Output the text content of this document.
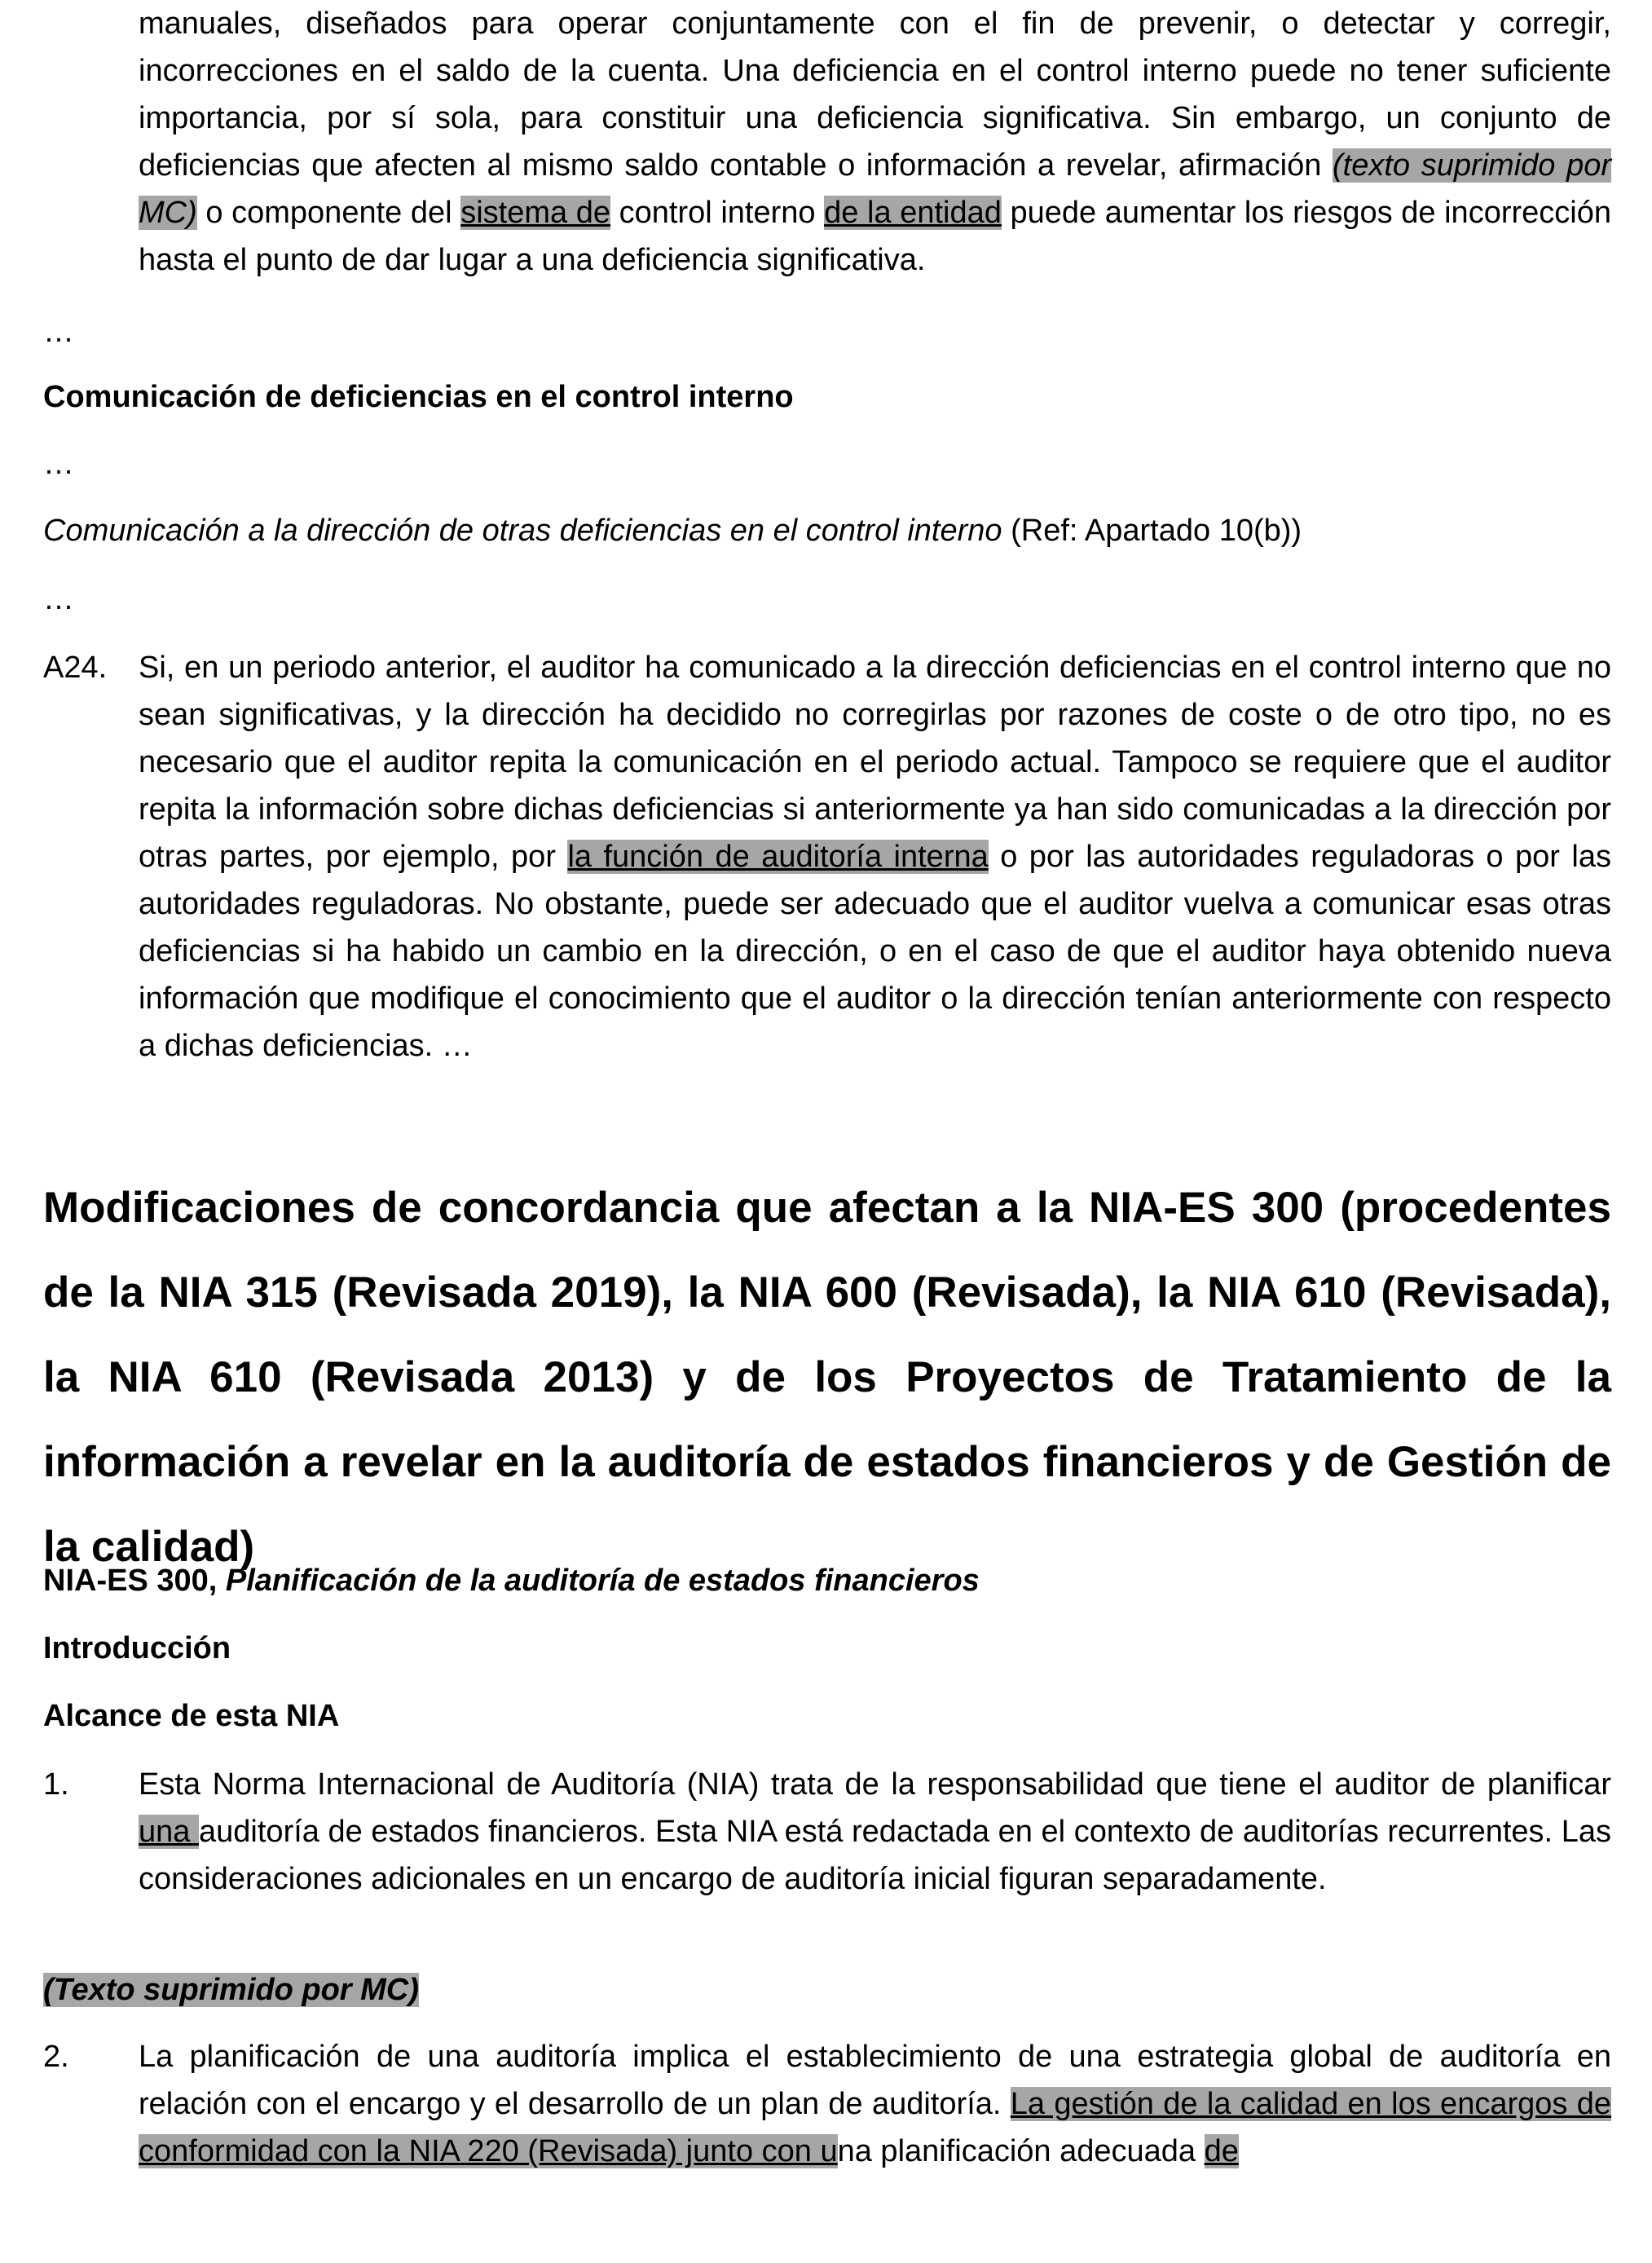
manuales, diseñados para operar conjuntamente con el fin de prevenir, o detectar y corregir, incorrecciones en el saldo de la cuenta. Una deficiencia en el control interno puede no tener suficiente importancia, por sí sola, para constituir una deficiencia significativa. Sin embargo, un conjunto de deficiencias que afecten al mismo saldo contable o información a revelar, afirmación (texto suprimido por MC) o componente del sistema de control interno de la entidad puede aumentar los riesgos de incorrección hasta el punto de dar lugar a una deficiencia significativa.
…
Comunicación de deficiencias en el control interno
…
Comunicación a la dirección de otras deficiencias en el control interno (Ref: Apartado 10(b))
…
A24. Si, en un periodo anterior, el auditor ha comunicado a la dirección deficiencias en el control interno que no sean significativas, y la dirección ha decidido no corregirlas por razones de coste o de otro tipo, no es necesario que el auditor repita la comunicación en el periodo actual. Tampoco se requiere que el auditor repita la información sobre dichas deficiencias si anteriormente ya han sido comunicadas a la dirección por otras partes, por ejemplo, por la función de auditoría interna o por las autoridades reguladoras o por las autoridades reguladoras. No obstante, puede ser adecuado que el auditor vuelva a comunicar esas otras deficiencias si ha habido un cambio en la dirección, o en el caso de que el auditor haya obtenido nueva información que modifique el conocimiento que el auditor o la dirección tenían anteriormente con respecto a dichas deficiencias. …
Modificaciones de concordancia que afectan a la NIA-ES 300 (procedentes de la NIA 315 (Revisada 2019), la NIA 600 (Revisada), la NIA 610 (Revisada), la NIA 610 (Revisada 2013) y de los Proyectos de Tratamiento de la información a revelar en la auditoría de estados financieros y de Gestión de la calidad)
NIA-ES 300, Planificación de la auditoría de estados financieros
Introducción
Alcance de esta NIA
1. Esta Norma Internacional de Auditoría (NIA) trata de la responsabilidad que tiene el auditor de planificar una auditoría de estados financieros. Esta NIA está redactada en el contexto de auditorías recurrentes. Las consideraciones adicionales en un encargo de auditoría inicial figuran separadamente.
(Texto suprimido por MC)
2. La planificación de una auditoría implica el establecimiento de una estrategia global de auditoría en relación con el encargo y el desarrollo de un plan de auditoría. La gestión de la calidad en los encargos de conformidad con la NIA 220 (Revisada) junto con una planificación adecuada de
